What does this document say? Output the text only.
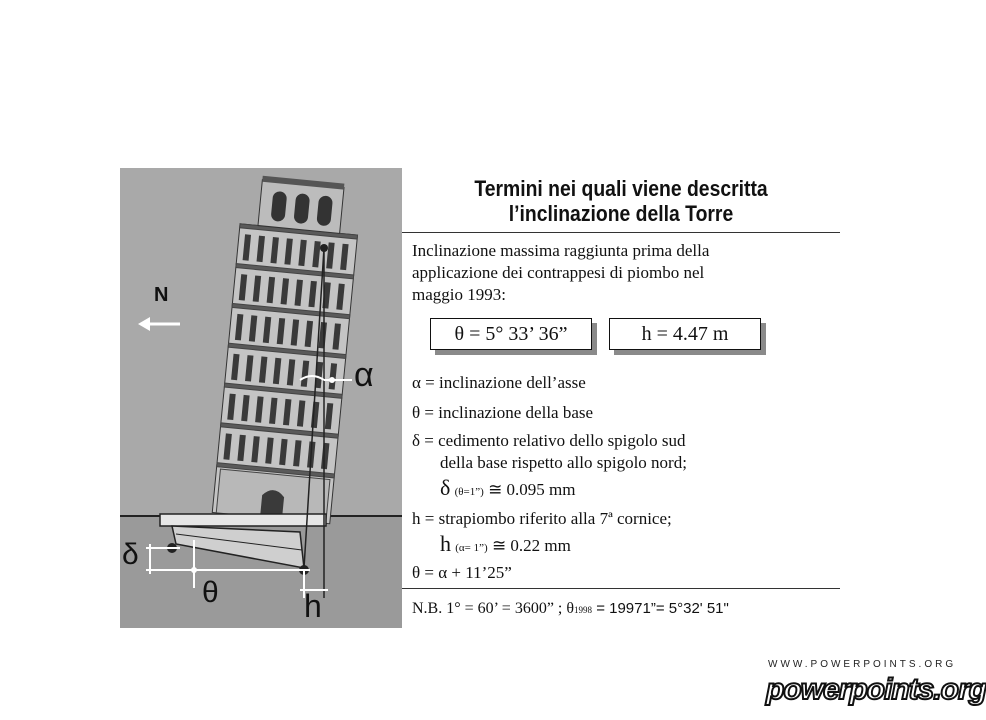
N
α
δ
θ	h
Termini nei quali viene descritta
l’inclinazione della Torre
Inclinazione massima raggiunta prima della
applicazione dei contrappesi di piombo nel
maggio 1993:
θ = 5° 33’ 36”	h = 4.47 m
α = inclinazione dell’asse
θ = inclinazione della base
δ = cedimento relativo dello spigolo sud
della base rispetto allo spigolo nord;
δ (θ=1”) ≅ 0.095 mm
h = strapiombo riferito alla 7ª cornice;
h (α= 1”) ≅ 0.22 mm
θ = α + 11’25”
N.B. 1° = 60’ = 3600” ; θ1998 = 19971”= 5°32' 51"
WWW.POWERPOINTS.ORG
powerpoints.org
